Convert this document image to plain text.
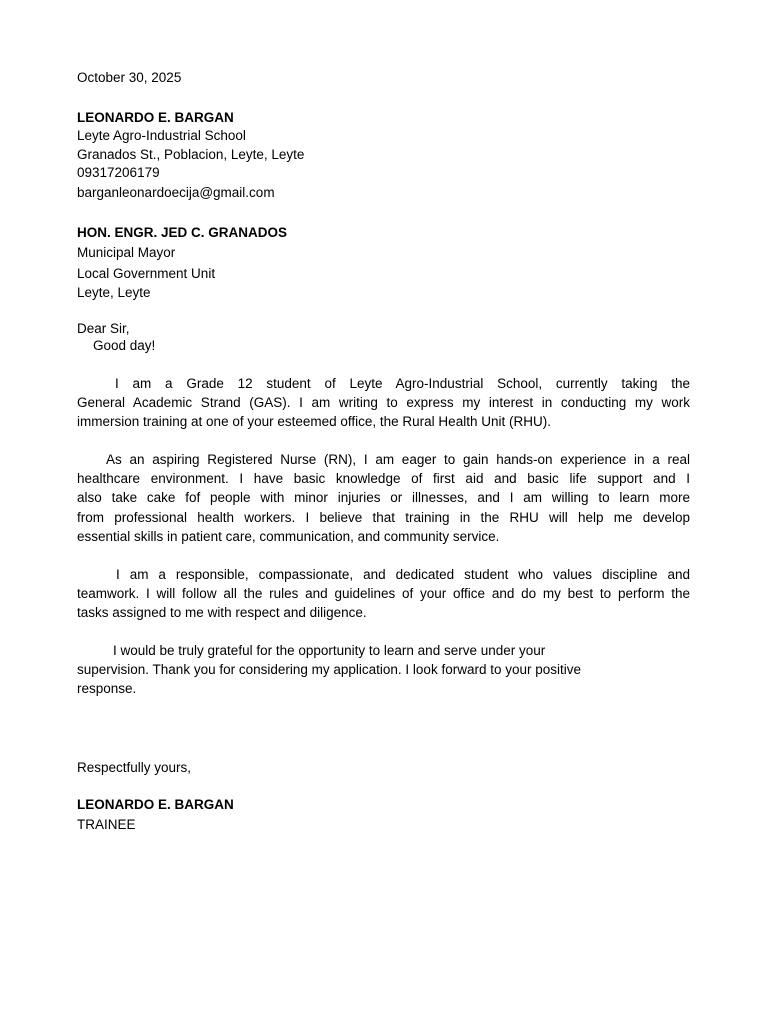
October 30, 2025
LEONARDO E. BARGAN
Leyte Agro-Industrial School
Granados St., Poblacion, Leyte, Leyte
09317206179
barganleonardoecija@gmail.com
HON. ENGR. JED C. GRANADOS
Municipal Mayor
Local Government Unit
Leyte, Leyte
Dear Sir,
Good day!
I am a Grade 12 student of Leyte Agro-Industrial School, currently taking the
General Academic Strand (GAS). I am writing to express my interest in conducting my work
immersion training at one of your esteemed office, the Rural Health Unit (RHU).
As an aspiring Registered Nurse (RN), I am eager to gain hands-on experience in a real
healthcare environment. I have basic knowledge of first aid and basic life support and I
also take cake fof people with minor injuries or illnesses, and I am willing to learn more
from professional health workers. I believe that training in the RHU will help me develop
essential skills in patient care, communication, and community service.
I am a responsible, compassionate, and dedicated student who values discipline and
teamwork. I will follow all the rules and guidelines of your office and do my best to perform the
tasks assigned to me with respect and diligence.
I would be truly grateful for the opportunity to learn and serve under your
supervision. Thank you for considering my application. I look forward to your positive
response.
Respectfully yours,
LEONARDO E. BARGAN
TRAINEE
